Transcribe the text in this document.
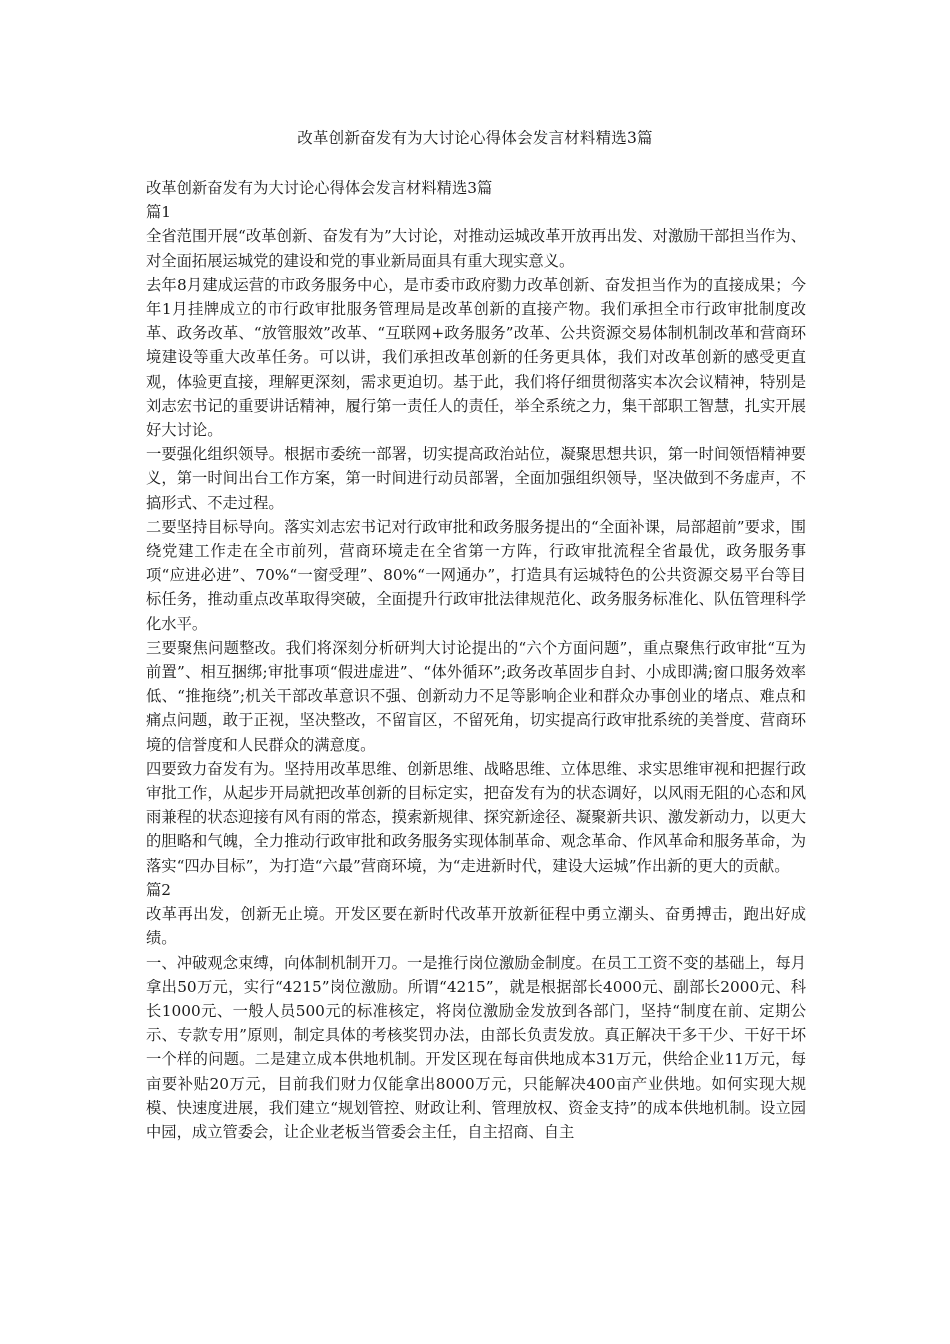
改革创新奋发有为大讨论心得体会发言材料精选3篇

改革创新奋发有为大讨论心得体会发言材料精选3篇

篇1

全省范围开展“改革创新、奋发有为”大讨论，对推动运城改革开放再出发、对激励干部担当作为、对全面拓展运城党的建设和党的事业新局面具有重大现实意义。

去年8月建成运营的市政务服务中心，是市委市政府勠力改革创新、奋发担当作为的直接成果；今年1月挂牌成立的市行政审批服务管理局是改革创新的直接产物。我们承担全市行政审批制度改革、政务改革、“放管服效”改革、“互联网+政务服务”改革、公共资源交易体制机制改革和营商环境建设等重大改革任务。可以讲，我们承担改革创新的任务更具体，我们对改革创新的感受更直观，体验更直接，理解更深刻，需求更迫切。基于此，我们将仔细贯彻落实本次会议精神，特别是刘志宏书记的重要讲话精神，履行第一责任人的责任，举全系统之力，集干部职工智慧，扎实开展好大讨论。

一要强化组织领导。根据市委统一部署，切实提高政治站位，凝聚思想共识，第一时间领悟精神要义，第一时间出台工作方案，第一时间进行动员部署，全面加强组织领导，坚决做到不务虚声，不搞形式、不走过程。

二要坚持目标导向。落实刘志宏书记对行政审批和政务服务提出的“全面补课，局部超前”要求，围绕党建工作走在全市前列，营商环境走在全省第一方阵，行政审批流程全省最优，政务服务事项“应进必进”、70%“一窗受理”、80%“一网通办”，打造具有运城特色的公共资源交易平台等目标任务，推动重点改革取得突破，全面提升行政审批法律规范化、政务服务标准化、队伍管理科学化水平。

三要聚焦问题整改。我们将深刻分析研判大讨论提出的“六个方面问题”，重点聚焦行政审批“互为前置”、相互捆绑;审批事项“假进虚进”、“体外循环”;政务改革固步自封、小成即满;窗口服务效率低、“推拖绕”;机关干部改革意识不强、创新动力不足等影响企业和群众办事创业的堵点、难点和痛点问题，敢于正视，坚决整改，不留盲区，不留死角，切实提高行政审批系统的美誉度、营商环境的信誉度和人民群众的满意度。

四要致力奋发有为。坚持用改革思维、创新思维、战略思维、立体思维、求实思维审视和把握行政审批工作，从起步开局就把改革创新的目标定实，把奋发有为的状态调好，以风雨无阻的心态和风雨兼程的状态迎接有风有雨的常态，摸索新规律、探究新途径、凝聚新共识、激发新动力，以更大的胆略和气魄，全力推动行政审批和政务服务实现体制革命、观念革命、作风革命和服务革命，为落实“四办目标”，为打造“六最”营商环境，为“走进新时代，建设大运城”作出新的更大的贡献。

篇2

改革再出发，创新无止境。开发区要在新时代改革开放新征程中勇立潮头、奋勇搏击，跑出好成绩。

一、冲破观念束缚，向体制机制开刀。一是推行岗位激励金制度。在员工工资不变的基础上，每月拿出50万元，实行“4215”岗位激励。所谓“4215”，就是根据部长4000元、副部长2000元、科长1000元、一般人员500元的标准核定，将岗位激励金发放到各部门，坚持“制度在前、定期公示、专款专用”原则，制定具体的考核奖罚办法，由部长负责发放。真正解决干多干少、干好干坏一个样的问题。二是建立成本供地机制。开发区现在每亩供地成本31万元，供给企业11万元，每亩要补贴20万元，目前我们财力仅能拿出8000万元，只能解决400亩产业供地。如何实现大规模、快速度进展，我们建立“规划管控、财政让利、管理放权、资金支持”的成本供地机制。设立园中园，成立管委会，让企业老板当管委会主任，自主招商、自主
